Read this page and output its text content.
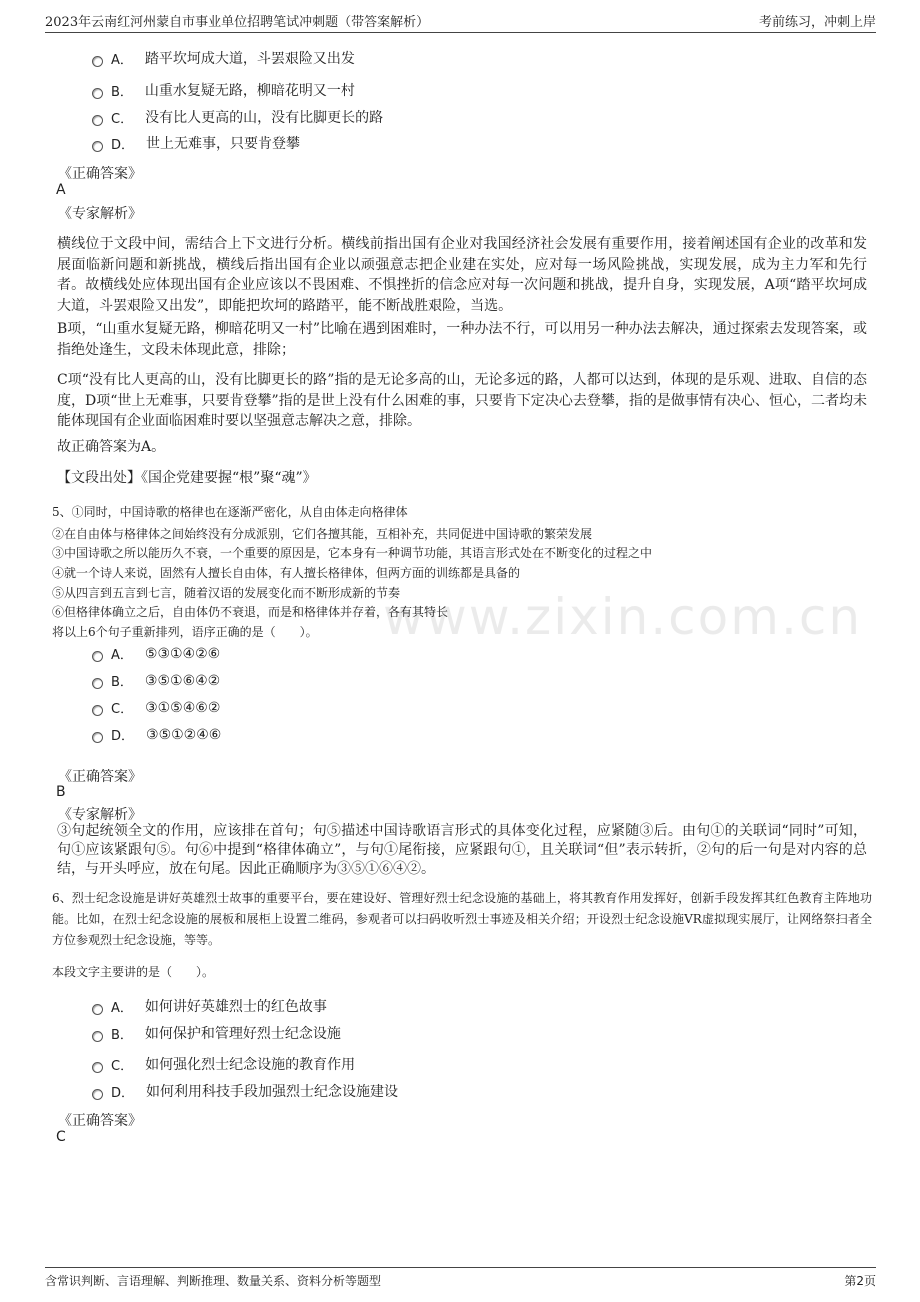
2023年云南红河州蒙自市事业单位招聘笔试冲刺题（带答案解析）	考前练习，冲刺上岸
A． 踏平坎坷成大道，斗罢艰险又出发
B． 山重水复疑无路，柳暗花明又一村
C． 没有比人更高的山，没有比脚更长的路
D． 世上无难事，只要肯登攀
《正确答案》
A
《专家解析》
横线位于文段中间，需结合上下文进行分析。横线前指出国有企业对我国经济社会发展有重要作用，接着阐述国有企业的改革和发展面临新问题和新挑战，横线后指出国有企业以顽强意志把企业建在实处，应对每一场风险挑战，实现发展，成为主力军和先行者。故横线处应体现出国有企业应该以不畏困难、不惧挫折的信念应对每一次问题和挑战，提升自身，实现发展，A项“踏平坎坷成大道，斗罢艰险又出发”，即能把坎坷的路踏平，能不断战胜艰险，当选。
B项，“山重水复疑无路，柳暗花明又一村”比喻在遇到困难时，一种办法不行，可以用另一种办法去解决，通过探索去发现答案，或指绝处逢生，文段未体现此意，排除；
C项“没有比人更高的山，没有比脚更长的路”指的是无论多高的山，无论多远的路，人都可以达到，体现的是乐观、进取、自信的态度，D项“世上无难事，只要肯登攀”指的是世上没有什么困难的事，只要肯下定决心去登攀，指的是做事情有决心、恒心，二者均未能体现国有企业面临困难时要以坚强意志解决之意，排除。
故正确答案为A。
【文段出处】《国企党建要握“根”聚“魂”》
5、①同时，中国诗歌的格律也在逐渐严密化，从自由体走向格律体
②在自由体与格律体之间始终没有分成派别，它们各擅其能，互相补充，共同促进中国诗歌的繁荣发展
③中国诗歌之所以能历久不衰，一个重要的原因是，它本身有一种调节功能，其语言形式处在不断变化的过程之中
④就一个诗人来说，固然有人擅长自由体，有人擅长格律体，但两方面的训练都是具备的
⑤从四言到五言到七言，随着汉语的发展变化而不断形成新的节奏
⑥但格律体确立之后，自由体仍不衰退，而是和格律体并存着，各有其特长
将以上6个句子重新排列，语序正确的是（　　）。 www.zixin.com.cn
A． ⑤③①④②⑥
B． ③⑤①⑥④②
C． ③①⑤④⑥②
D． ③⑤①②④⑥
《正确答案》
B
《专家解析》
③句起统领全文的作用，应该排在首句；句⑤描述中国诗歌语言形式的具体变化过程，应紧随③后。由句①的关联词“同时”可知，句①应该紧跟句⑤。句⑥中提到“格律体确立”，与句①尾衔接，应紧跟句①，且关联词“但”表示转折，②句的后一句是对内容的总结，与开头呼应，放在句尾。因此正确顺序为③⑤①⑥④②。
6、烈士纪念设施是讲好英雄烈士故事的重要平台，要在建设好、管理好烈士纪念设施的基础上，将其教育作用发挥好，创新手段发挥其红色教育主阵地功能。比如，在烈士纪念设施的展板和展柜上设置二维码，参观者可以扫码收听烈士事迹及相关介绍；开设烈士纪念设施VR虚拟现实展厅，让网络祭扫者全方位参观烈士纪念设施，等等。
本段文字主要讲的是（　　）。
A． 如何讲好英雄烈士的红色故事
B． 如何保护和管理好烈士纪念设施
C． 如何强化烈士纪念设施的教育作用
D． 如何利用科技手段加强烈士纪念设施建设
《正确答案》
C
含常识判断、言语理解、判断推理、数量关系、资料分析等题型	第2页
